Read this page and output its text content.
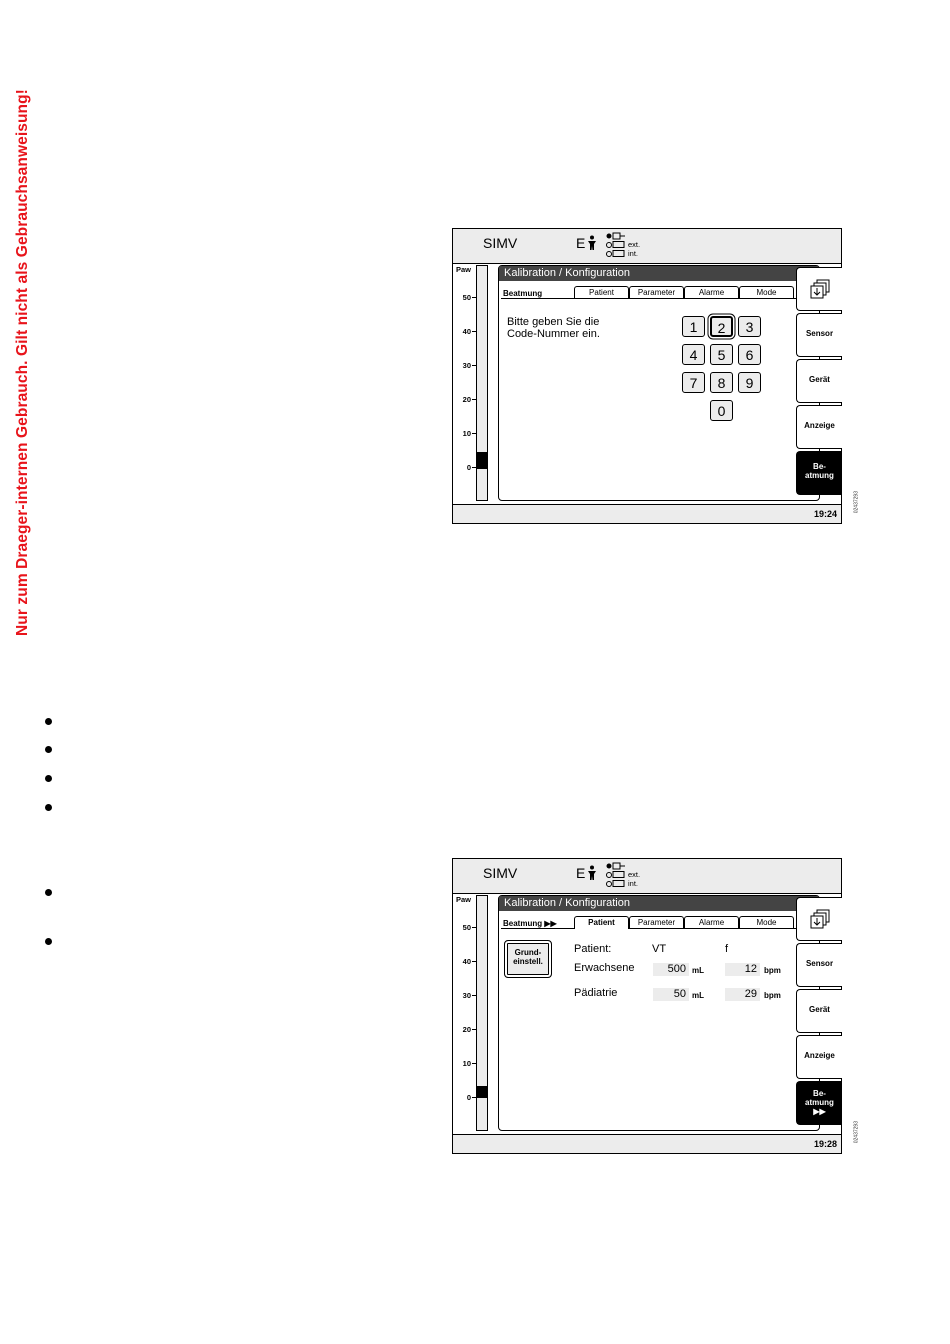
Nur zum Draeger-internen Gebrauch. Gilt nicht als Gebrauchsanweisung!	SIMV	E	ext.
int.
Paw
50
40
30
20
10
0
Kalibration / Konfiguration
Beatmung	Patient	Parameter	Alarme	Mode
Bitte geben Sie die
Code-Nummer ein.	1	2	3
4	5	6
7	8	9
0
Sensor
Gerät
Anzeige
Be-
atmung
19:24
02437293
SIMV	E	ext.
int.
Paw
50
40
30
20
10
0
Kalibration / Konfiguration
Beatmung ▶▶	Patient	Parameter	Alarme	Mode
Grund-
einstell.
Patient:	VT	f
Erwachsene	500 mL	12 bpm
Pädiatrie	50 mL	29 bpm
Sensor
Gerät
Anzeige
Be-
atmung
▶▶
19:28
02437293
